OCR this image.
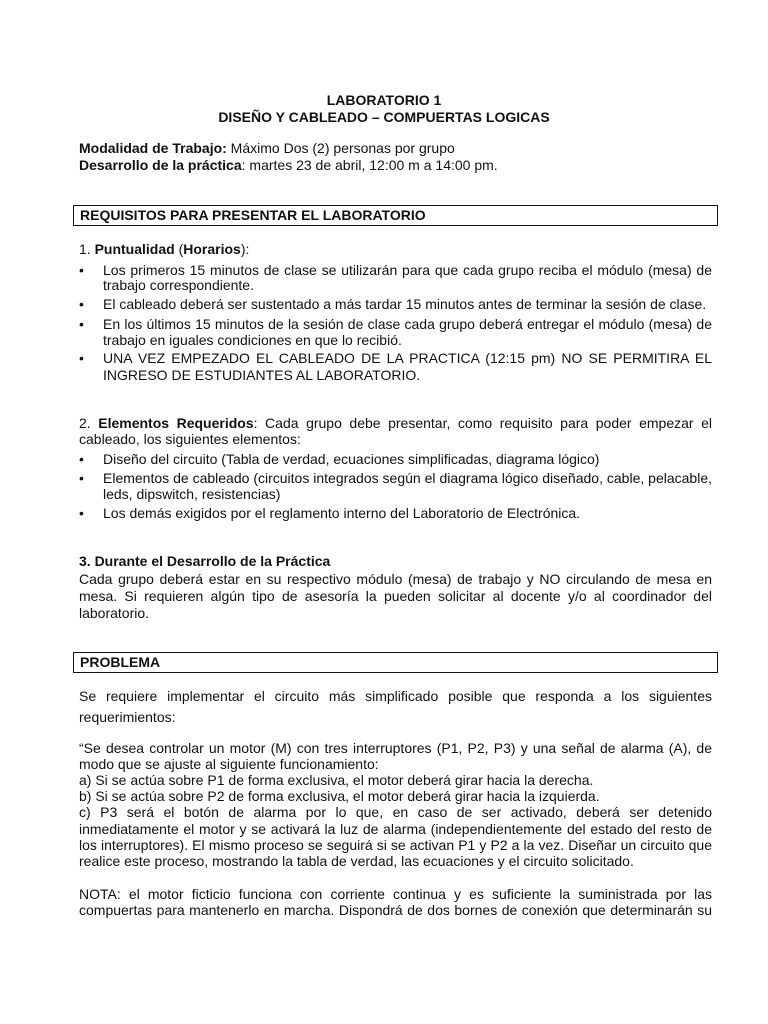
LABORATORIO 1
DISEÑO Y CABLEADO – COMPUERTAS LOGICAS
Modalidad de Trabajo: Máximo Dos (2) personas por grupo
Desarrollo de la práctica: martes 23 de abril, 12:00 m a 14:00 pm.
REQUISITOS PARA PRESENTAR EL LABORATORIO
1. Puntualidad (Horarios):
• Los primeros 15 minutos de clase se utilizarán para que cada grupo reciba el módulo (mesa) de
trabajo correspondiente.
• El cableado deberá ser sustentado a más tardar 15 minutos antes de terminar la sesión de clase.
• En los últimos 15 minutos de la sesión de clase cada grupo deberá entregar el módulo (mesa) de
trabajo en iguales condiciones en que lo recibió.
• UNA VEZ EMPEZADO EL CABLEADO DE LA PRACTICA (12:15 pm) NO SE PERMITIRA EL
INGRESO DE ESTUDIANTES AL LABORATORIO.
2. Elementos Requeridos: Cada grupo debe presentar, como requisito para poder empezar el
cableado, los siguientes elementos:
• Diseño del circuito (Tabla de verdad, ecuaciones simplificadas, diagrama lógico)
• Elementos de cableado (circuitos integrados según el diagrama lógico diseñado, cable, pelacable,
leds, dipswitch, resistencias)
• Los demás exigidos por el reglamento interno del Laboratorio de Electrónica.
3. Durante el Desarrollo de la Práctica
Cada grupo deberá estar en su respectivo módulo (mesa) de trabajo y NO circulando de mesa en
mesa. Si requieren algún tipo de asesoría la pueden solicitar al docente y/o al coordinador del
laboratorio.
PROBLEMA
Se requiere implementar el circuito más simplificado posible que responda a los siguientes
requerimientos:
“Se desea controlar un motor (M) con tres interruptores (P1, P2, P3) y una señal de alarma (A), de
modo que se ajuste al siguiente funcionamiento:
a) Si se actúa sobre P1 de forma exclusiva, el motor deberá girar hacia la derecha.
b) Si se actúa sobre P2 de forma exclusiva, el motor deberá girar hacia la izquierda.
c) P3 será el botón de alarma por lo que, en caso de ser activado, deberá ser detenido
inmediatamente el motor y se activará la luz de alarma (independientemente del estado del resto de
los interruptores). El mismo proceso se seguirá si se activan P1 y P2 a la vez. Diseñar un circuito que
realice este proceso, mostrando la tabla de verdad, las ecuaciones y el circuito solicitado.
NOTA: el motor ficticio funciona con corriente continua y es suficiente la suministrada por las
compuertas para mantenerlo en marcha. Dispondrá de dos bornes de conexión que determinarán su
